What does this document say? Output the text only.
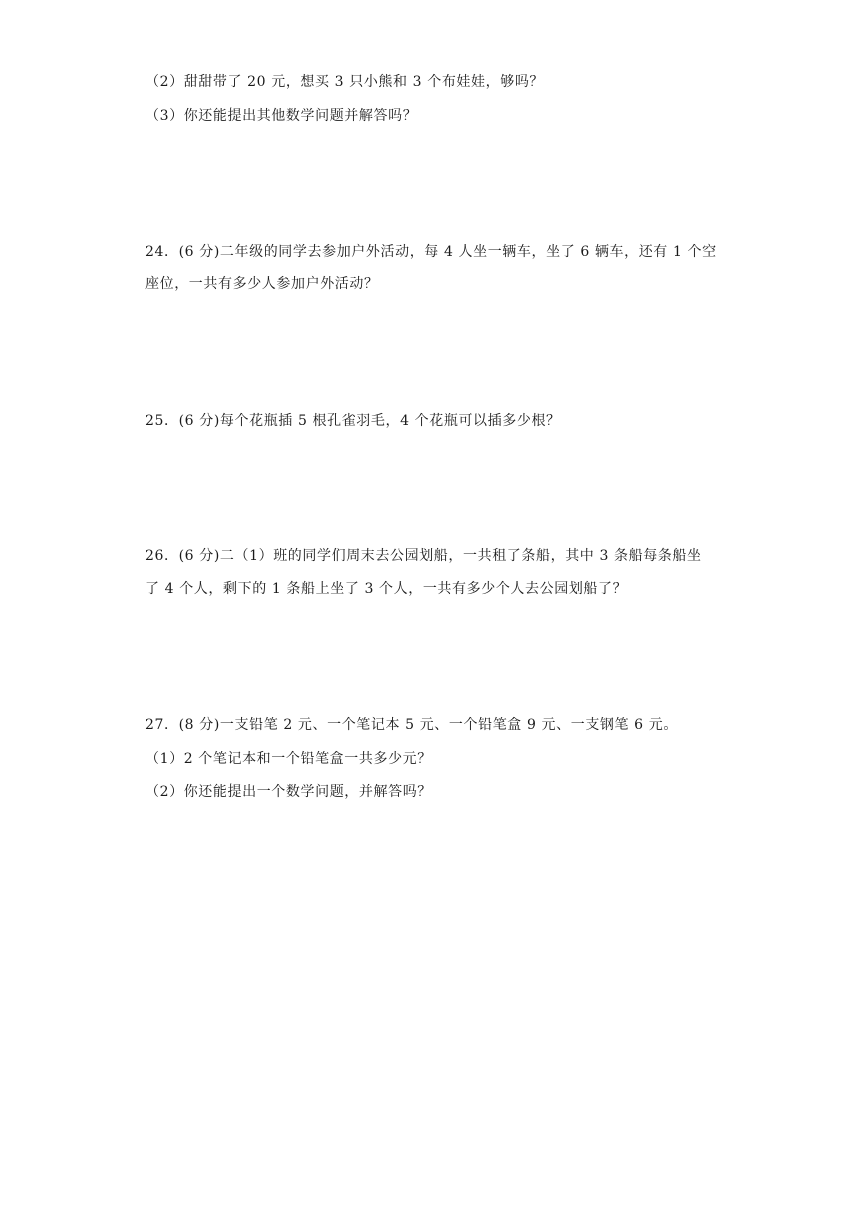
（2）甜甜带了 20 元，想买 3 只小熊和 3 个布娃娃，够吗？
（3）你还能提出其他数学问题并解答吗？
24．(6 分)二年级的同学去参加户外活动，每 4 人坐一辆车，坐了 6 辆车，还有 1 个空
座位，一共有多少人参加户外活动？
25．(6 分)每个花瓶插 5 根孔雀羽毛，4 个花瓶可以插多少根？
26．(6 分)二（1）班的同学们周末去公园划船，一共租了条船，其中 3 条船每条船坐
了 4 个人，剩下的 1 条船上坐了 3 个人，一共有多少个人去公园划船了？
27．(8 分)一支铅笔 2 元、一个笔记本 5 元、一个铅笔盒 9 元、一支钢笔 6 元。
（1）2 个笔记本和一个铅笔盒一共多少元？
（2）你还能提出一个数学问题，并解答吗？
